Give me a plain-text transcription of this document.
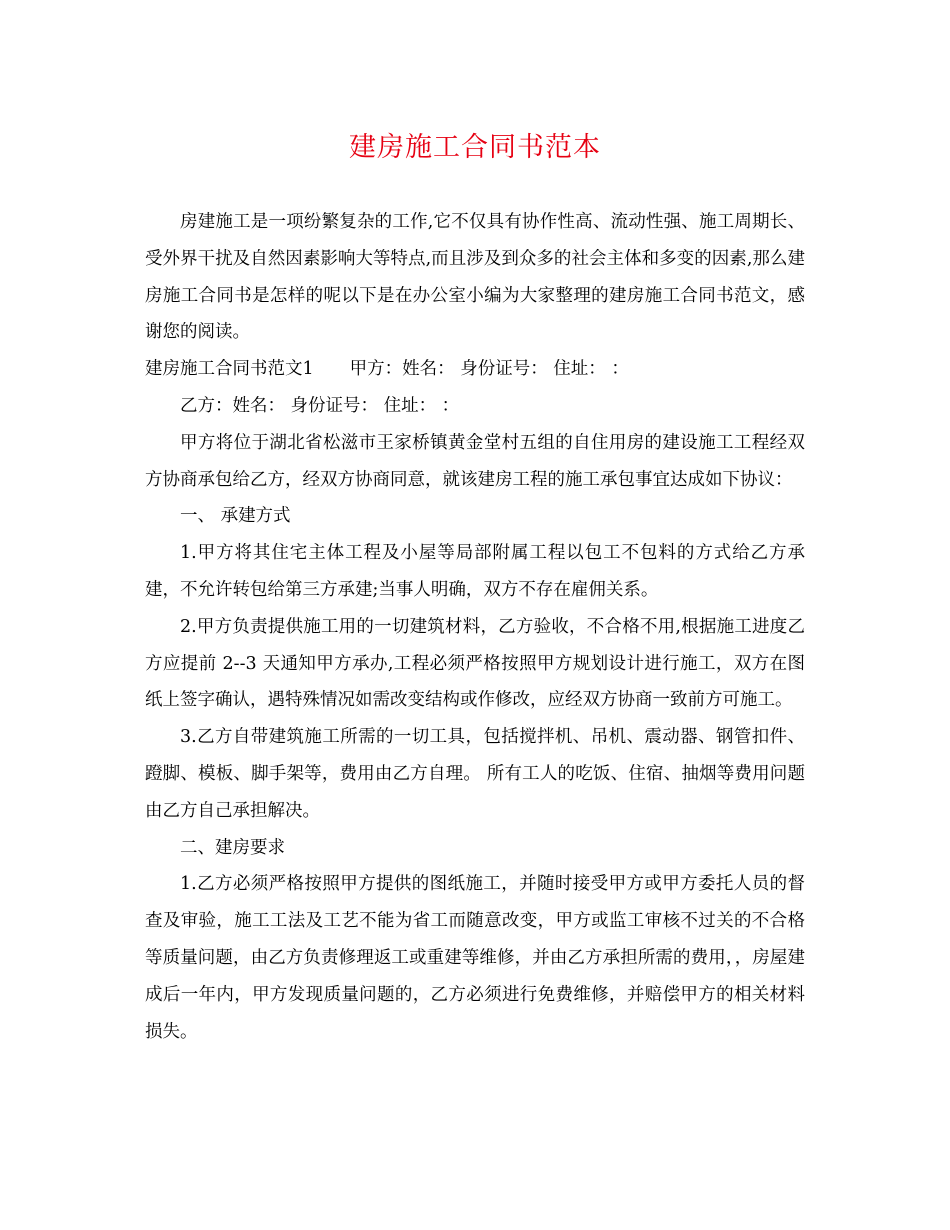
建房施工合同书范本

房建施工是一项纷繁复杂的工作,它不仅具有协作性高、流动性强、施工周期长、受外界干扰及自然因素影响大等特点,而且涉及到众多的社会主体和多变的因素,那么建房施工合同书是怎样的呢以下是在办公室小编为大家整理的建房施工合同书范文，感谢您的阅读。

建房施工合同书范文1 甲方：姓名： 身份证号： 住址： ：

乙方：姓名： 身份证号： 住址： ：

甲方将位于湖北省松滋市王家桥镇黄金堂村五组的自住用房的建设施工工程经双方协商承包给乙方，经双方协商同意，就该建房工程的施工承包事宜达成如下协议：

一、 承建方式

1.甲方将其住宅主体工程及小屋等局部附属工程以包工不包料的方式给乙方承建，不允许转包给第三方承建;当事人明确，双方不存在雇佣关系。

2.甲方负责提供施工用的一切建筑材料，乙方验收，不合格不用,根据施工进度乙方应提前 2--3 天通知甲方承办,工程必须严格按照甲方规划设计进行施工，双方在图纸上签字确认，遇特殊情况如需改变结构或作修改，应经双方协商一致前方可施工。

3.乙方自带建筑施工所需的一切工具，包括搅拌机、吊机、震动器、钢管扣件、蹬脚、模板、脚手架等，费用由乙方自理。 所有工人的吃饭、住宿、抽烟等费用问题由乙方自己承担解决。

二、建房要求

1.乙方必须严格按照甲方提供的图纸施工，并随时接受甲方或甲方委托人员的督查及审验，施工工法及工艺不能为省工而随意改变，甲方或监工审核不过关的不合格等质量问题，由乙方负责修理返工或重建等维修，并由乙方承担所需的费用，，房屋建成后一年内，甲方发现质量问题的，乙方必须进行免费维修，并赔偿甲方的相关材料损失。
